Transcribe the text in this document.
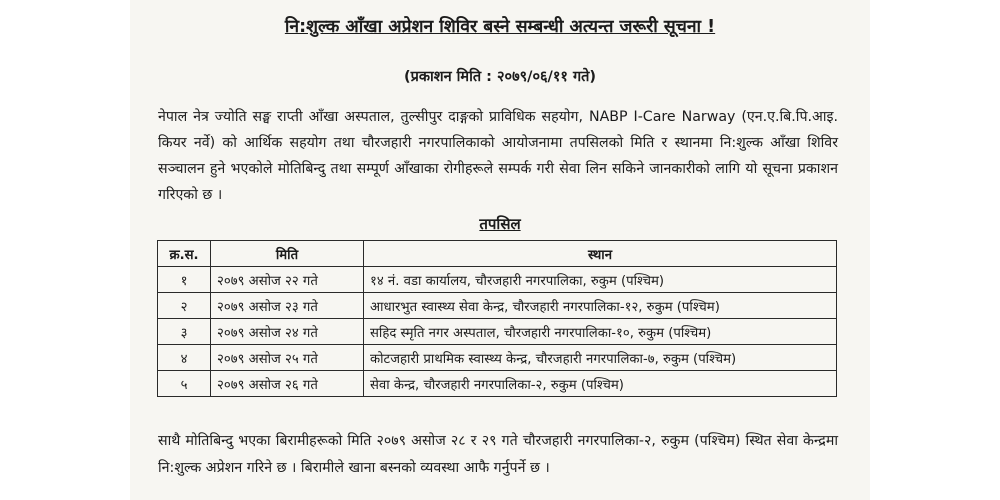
नि:शुल्क आँखा अप्रेशन शिविर बस्ने सम्बन्धी अत्यन्त जरूरी सूचना !
(प्रकाशन मिति : २०७९/०६/११ गते)
नेपाल नेत्र ज्योति सङ्घ राप्ती आँखा अस्पताल, तुल्सीपुर दाङ्गको प्राविधिक सहयोग, NABP I-Care Narway (एन.ए.बि.पि.आइ. कियर नर्वे) को आर्थिक सहयोग तथा चौरजहारी नगरपालिकाको आयोजनामा तपसिलको मिति र स्थानमा नि:शुल्क आँखा शिविर सञ्चालन हुने भएकोले मोतिबिन्दु तथा सम्पूर्ण आँखाका रोगीहरूले सम्पर्क गरी सेवा लिन सकिने जानकारीको लागि यो सूचना प्रकाशन गरिएको छ ।
तपसिल
क्र.स.	मिति	स्थान
१	२०७९ असोज २२ गते	१४ नं. वडा कार्यालय, चौरजहारी नगरपालिका, रुकुम (पश्चिम)
२	२०७९ असोज २३ गते	आधारभुत स्वास्थ्य सेवा केन्द्र, चौरजहारी नगरपालिका-१२, रुकुम (पश्चिम)
३	२०७९ असोज २४ गते	सहिद स्मृति नगर अस्पताल, चौरजहारी नगरपालिका-१०, रुकुम (पश्चिम)
४	२०७९ असोज २५ गते	कोटजहारी प्राथमिक स्वास्थ्य केन्द्र, चौरजहारी नगरपालिका-७, रुकुम (पश्चिम)
५	२०७९ असोज २६ गते	सेवा केन्द्र, चौरजहारी नगरपालिका-२, रुकुम (पश्चिम)
साथै मोतिबिन्दु भएका बिरामीहरूको मिति २०७९ असोज २८ र २९ गते चौरजहारी नगरपालिका-२, रुकुम (पश्चिम) स्थित सेवा केन्द्रमा नि:शुल्क अप्रेशन गरिने छ । बिरामीले खाना बस्नको व्यवस्था आफै गर्नुपर्ने छ ।
